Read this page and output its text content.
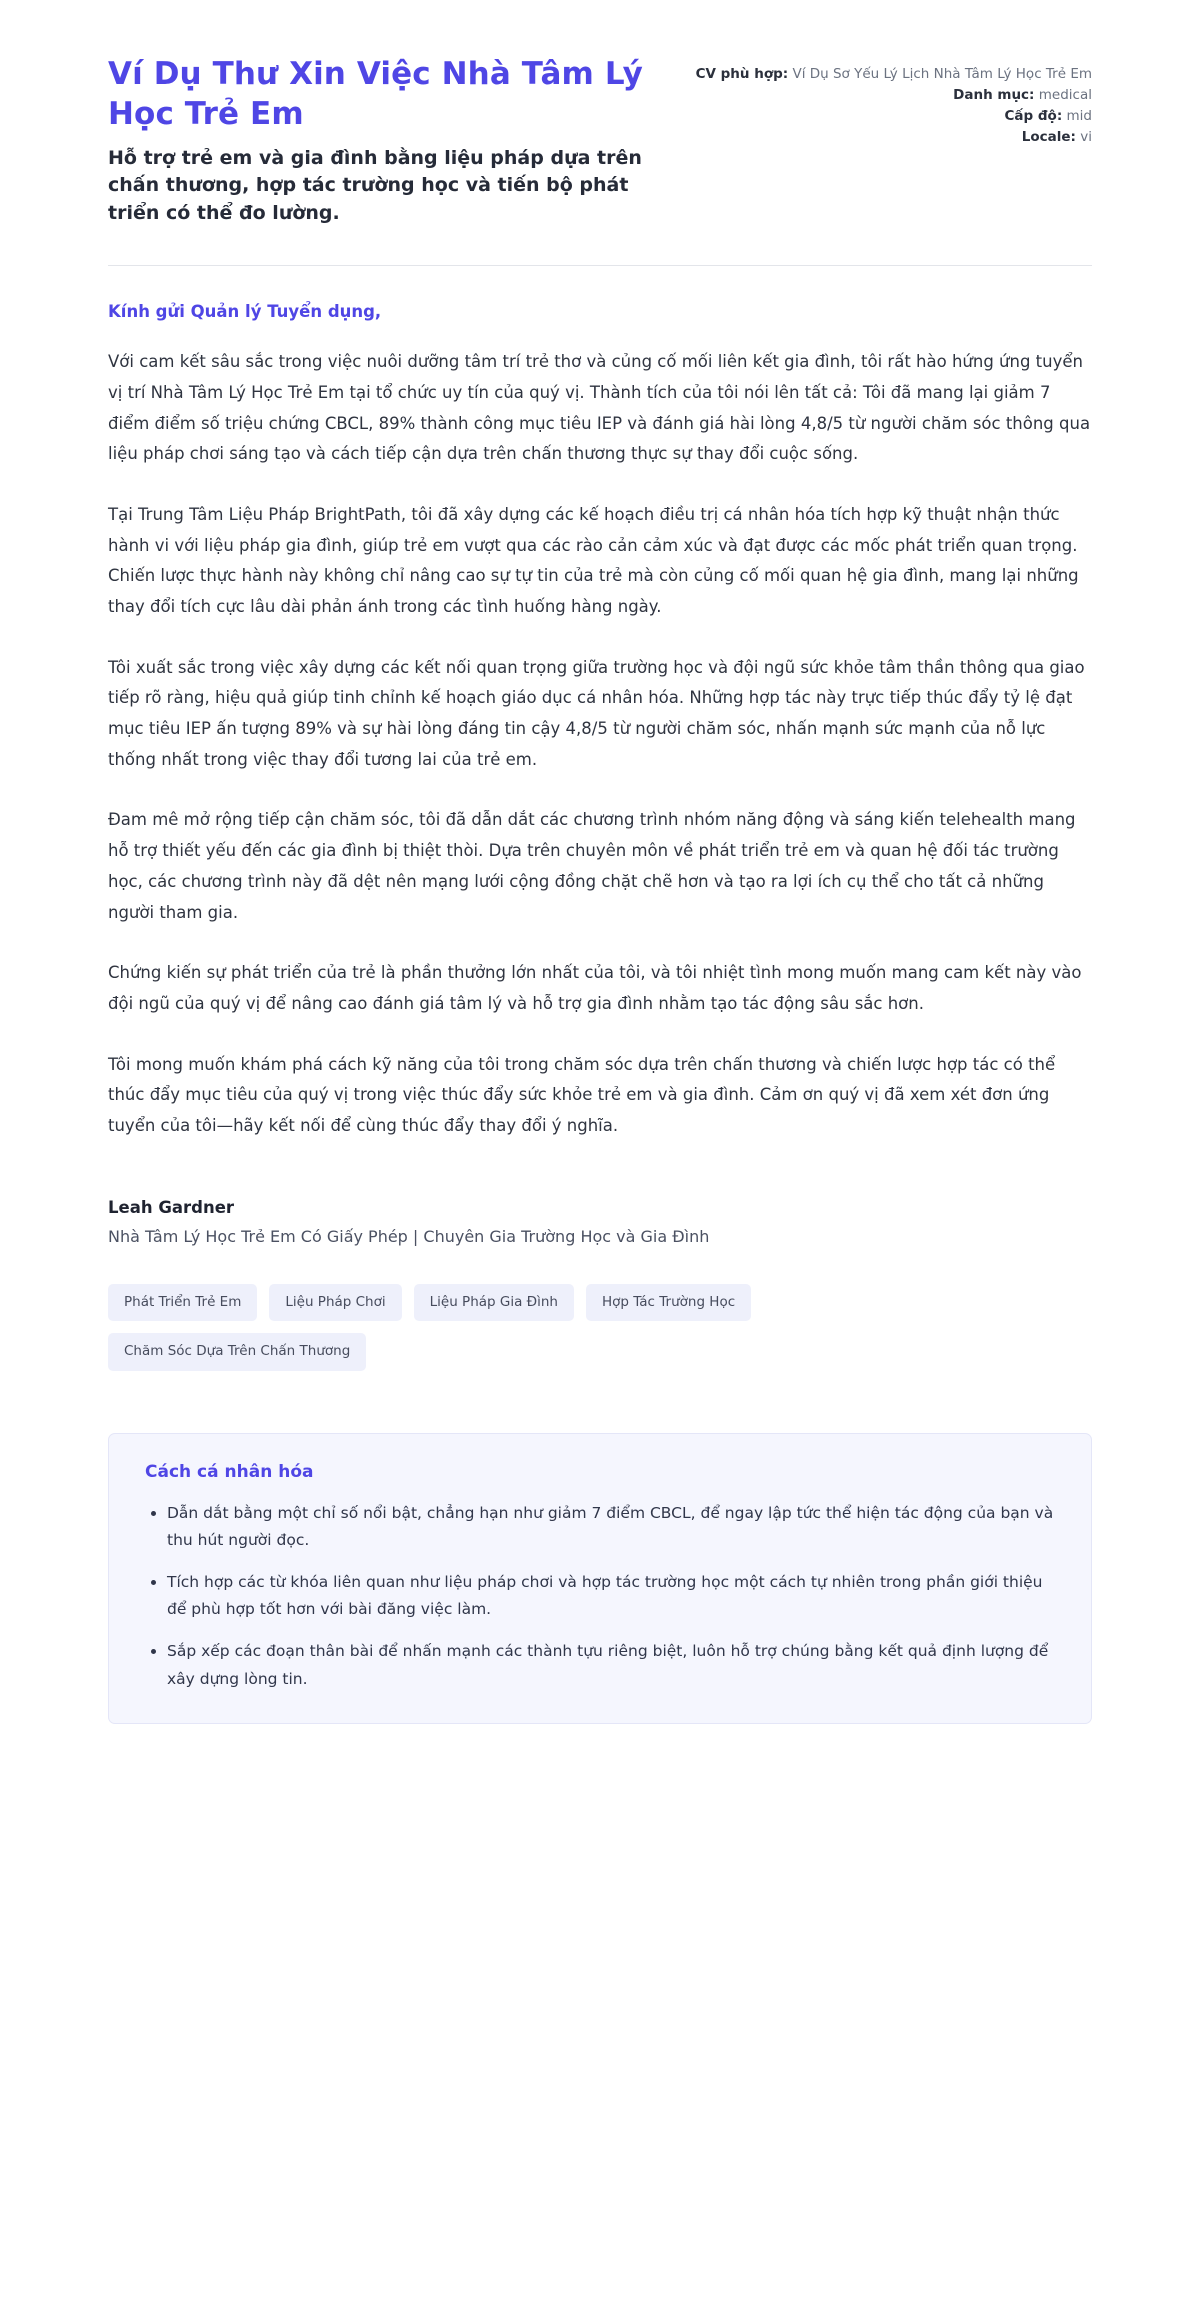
Ví Dụ Thư Xin Việc Nhà Tâm Lý Học Trẻ Em

Hỗ trợ trẻ em và gia đình bằng liệu pháp dựa trên chấn thương, hợp tác trường học và tiến bộ phát triển có thể đo lường.

CV phù hợp: Ví Dụ Sơ Yếu Lý Lịch Nhà Tâm Lý Học Trẻ Em
Danh mục: medical
Cấp độ: mid
Locale: vi

Kính gửi Quản lý Tuyển dụng,

Với cam kết sâu sắc trong việc nuôi dưỡng tâm trí trẻ thơ và củng cố mối liên kết gia đình, tôi rất hào hứng ứng tuyển vị trí Nhà Tâm Lý Học Trẻ Em tại tổ chức uy tín của quý vị. Thành tích của tôi nói lên tất cả: Tôi đã mang lại giảm 7 điểm điểm số triệu chứng CBCL, 89% thành công mục tiêu IEP và đánh giá hài lòng 4,8/5 từ người chăm sóc thông qua liệu pháp chơi sáng tạo và cách tiếp cận dựa trên chấn thương thực sự thay đổi cuộc sống.

Tại Trung Tâm Liệu Pháp BrightPath, tôi đã xây dựng các kế hoạch điều trị cá nhân hóa tích hợp kỹ thuật nhận thức hành vi với liệu pháp gia đình, giúp trẻ em vượt qua các rào cản cảm xúc và đạt được các mốc phát triển quan trọng. Chiến lược thực hành này không chỉ nâng cao sự tự tin của trẻ mà còn củng cố mối quan hệ gia đình, mang lại những thay đổi tích cực lâu dài phản ánh trong các tình huống hàng ngày.

Tôi xuất sắc trong việc xây dựng các kết nối quan trọng giữa trường học và đội ngũ sức khỏe tâm thần thông qua giao tiếp rõ ràng, hiệu quả giúp tinh chỉnh kế hoạch giáo dục cá nhân hóa. Những hợp tác này trực tiếp thúc đẩy tỷ lệ đạt mục tiêu IEP ấn tượng 89% và sự hài lòng đáng tin cậy 4,8/5 từ người chăm sóc, nhấn mạnh sức mạnh của nỗ lực thống nhất trong việc thay đổi tương lai của trẻ em.

Đam mê mở rộng tiếp cận chăm sóc, tôi đã dẫn dắt các chương trình nhóm năng động và sáng kiến telehealth mang hỗ trợ thiết yếu đến các gia đình bị thiệt thòi. Dựa trên chuyên môn về phát triển trẻ em và quan hệ đối tác trường học, các chương trình này đã dệt nên mạng lưới cộng đồng chặt chẽ hơn và tạo ra lợi ích cụ thể cho tất cả những người tham gia.

Chứng kiến sự phát triển của trẻ là phần thưởng lớn nhất của tôi, và tôi nhiệt tình mong muốn mang cam kết này vào đội ngũ của quý vị để nâng cao đánh giá tâm lý và hỗ trợ gia đình nhằm tạo tác động sâu sắc hơn.

Tôi mong muốn khám phá cách kỹ năng của tôi trong chăm sóc dựa trên chấn thương và chiến lược hợp tác có thể thúc đẩy mục tiêu của quý vị trong việc thúc đẩy sức khỏe trẻ em và gia đình. Cảm ơn quý vị đã xem xét đơn ứng tuyển của tôi—hãy kết nối để cùng thúc đẩy thay đổi ý nghĩa.

Leah Gardner

Nhà Tâm Lý Học Trẻ Em Có Giấy Phép | Chuyên Gia Trường Học và Gia Đình

Phát Triển Trẻ Em	Liệu Pháp Chơi	Liệu Pháp Gia Đình	Hợp Tác Trường Học
Chăm Sóc Dựa Trên Chấn Thương
Cách cá nhân hóa
• Dẫn dắt bằng một chỉ số nổi bật, chẳng hạn như giảm 7 điểm CBCL, để ngay lập tức thể hiện tác động của bạn và thu hút người đọc.
• Tích hợp các từ khóa liên quan như liệu pháp chơi và hợp tác trường học một cách tự nhiên trong phần giới thiệu để phù hợp tốt hơn với bài đăng việc làm.
• Sắp xếp các đoạn thân bài để nhấn mạnh các thành tựu riêng biệt, luôn hỗ trợ chúng bằng kết quả định lượng để xây dựng lòng tin.
